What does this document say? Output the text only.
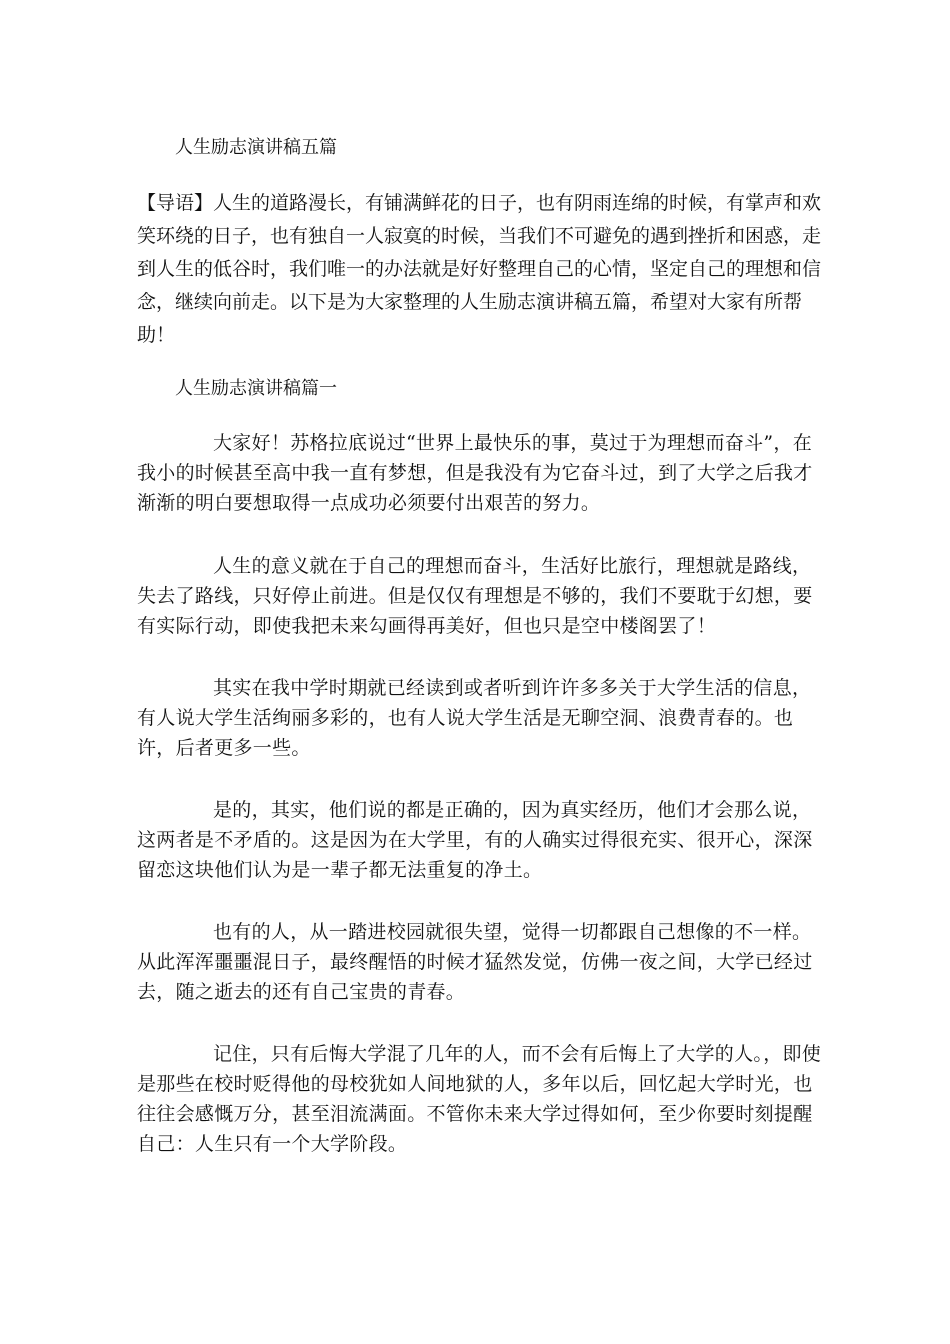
人生励志演讲稿五篇

【导语】人生的道路漫长，有铺满鲜花的日子，也有阴雨连绵的时候，有掌声和欢笑环绕的日子，也有独自一人寂寞的时候，当我们不可避免的遇到挫折和困惑，走到人生的低谷时，我们唯一的办法就是好好整理自己的心情，坚定自己的理想和信念，继续向前走。以下是为大家整理的人生励志演讲稿五篇，希望对大家有所帮助！

人生励志演讲稿篇一

大家好！苏格拉底说过“世界上最快乐的事，莫过于为理想而奋斗”，在我小的时候甚至高中我一直有梦想，但是我没有为它奋斗过，到了大学之后我才渐渐的明白要想取得一点成功必须要付出艰苦的努力。

人生的意义就在于自己的理想而奋斗，生活好比旅行，理想就是路线，失去了路线，只好停止前进。但是仅仅有理想是不够的，我们不要耽于幻想，要有实际行动，即使我把未来勾画得再美好，但也只是空中楼阁罢了！

其实在我中学时期就已经读到或者听到许许多多关于大学生活的信息，有人说大学生活绚丽多彩的，也有人说大学生活是无聊空洞、浪费青春的。也许，后者更多一些。

是的，其实，他们说的都是正确的，因为真实经历，他们才会那么说，这两者是不矛盾的。这是因为在大学里，有的人确实过得很充实、很开心，深深留恋这块他们认为是一辈子都无法重复的净土。

也有的人，从一踏进校园就很失望，觉得一切都跟自己想像的不一样。从此浑浑噩噩混日子，最终醒悟的时候才猛然发觉，仿佛一夜之间，大学已经过去，随之逝去的还有自己宝贵的青春。

记住，只有后悔大学混了几年的人，而不会有后悔上了大学的人。，即使是那些在校时贬得他的母校犹如人间地狱的人，多年以后，回忆起大学时光，也往往会感慨万分，甚至泪流满面。不管你未来大学过得如何，至少你要时刻提醒自己：人生只有一个大学阶段。
